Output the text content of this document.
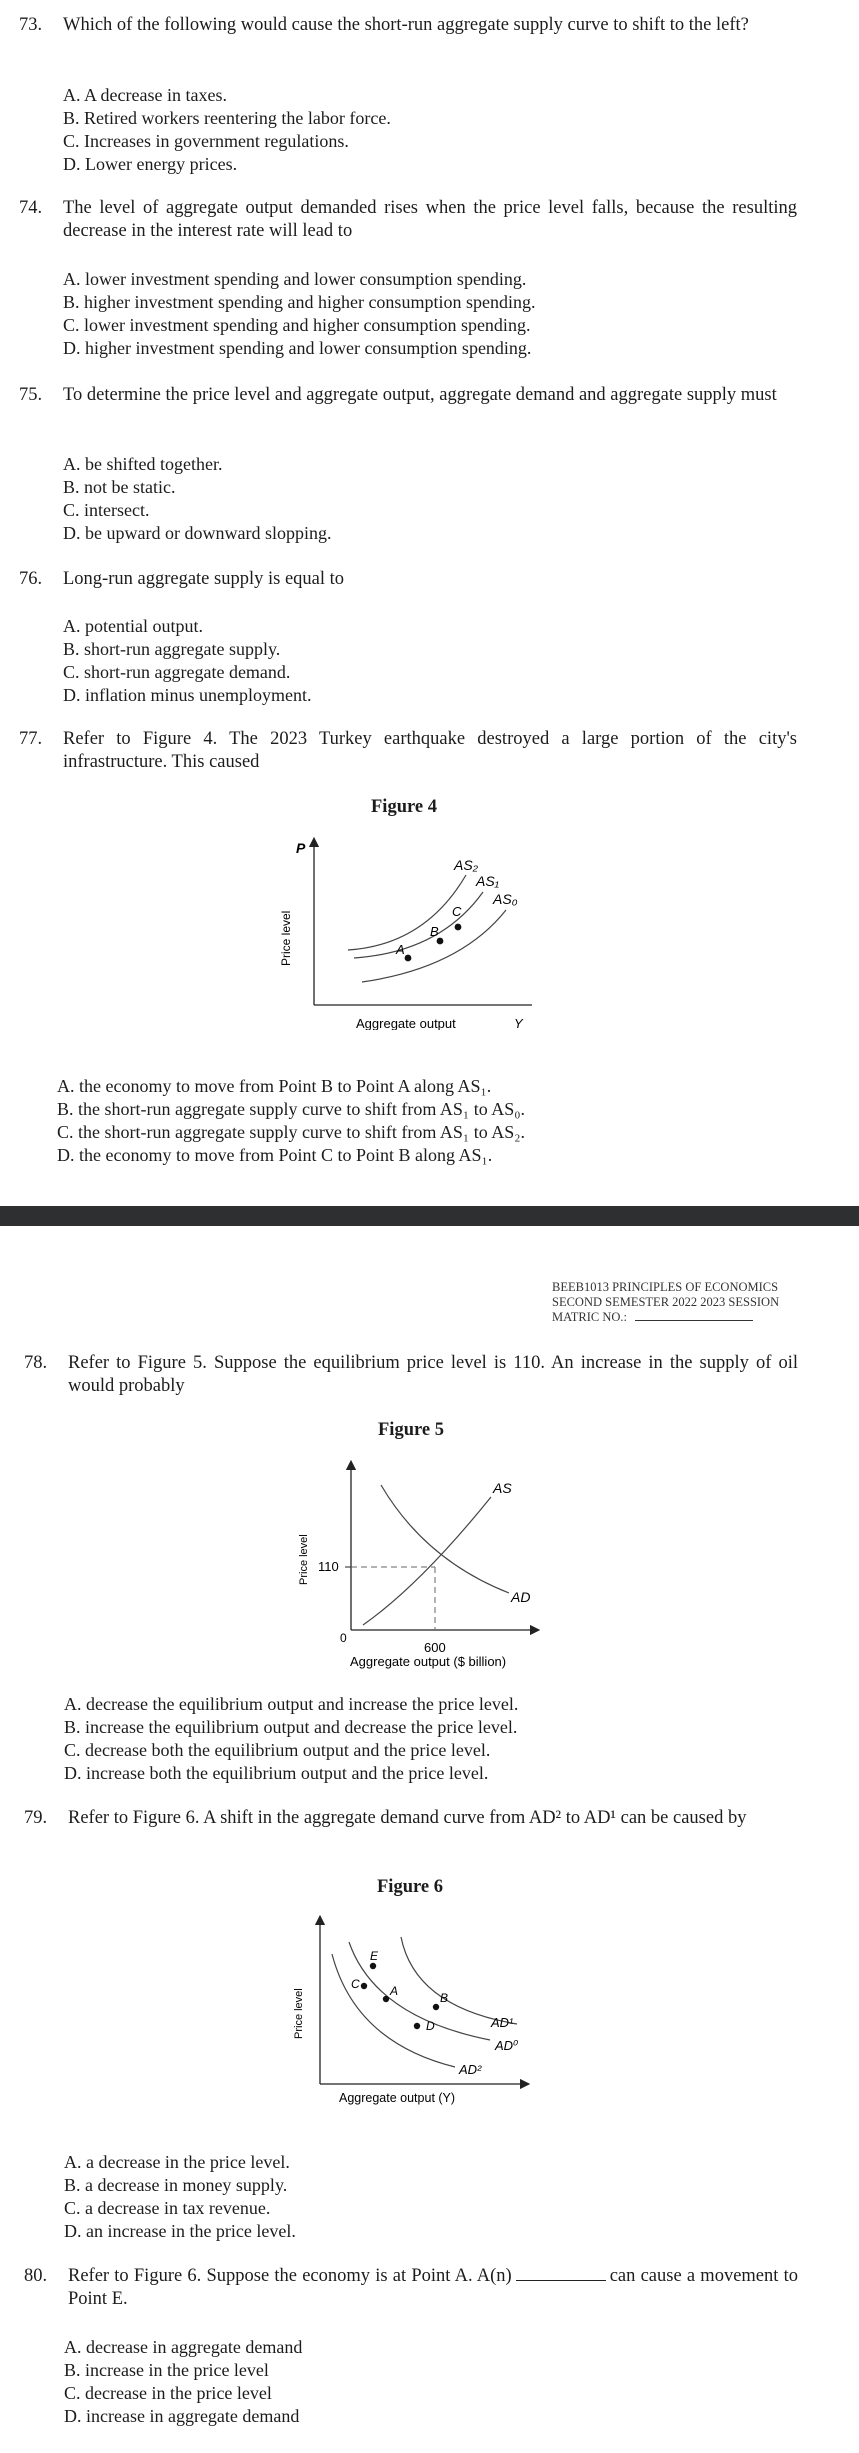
73. Which of the following would cause the short-run aggregate supply curve to shift to the left?
A. A decrease in taxes.
B. Retired workers reentering the labor force.
C. Increases in government regulations.
D. Lower energy prices.
74. The level of aggregate output demanded rises when the price level falls, because the resulting decrease in the interest rate will lead to
A. lower investment spending and lower consumption spending.
B. higher investment spending and higher consumption spending.
C. lower investment spending and higher consumption spending.
D. higher investment spending and lower consumption spending.
75. To determine the price level and aggregate output, aggregate demand and aggregate supply must
A. be shifted together.
B. not be static.
C. intersect.
D. be upward or downward slopping.
76. Long-run aggregate supply is equal to
A. potential output.
B. short-run aggregate supply.
C. short-run aggregate demand.
D. inflation minus unemployment.
77. Refer to Figure 4. The 2023 Turkey earthquake destroyed a large portion of the city's infrastructure. This caused
Figure 4
P
Price level
Aggregate output	Y
AS₂
AS₁
AS₀
A
B
C
A. the economy to move from Point B to Point A along AS₁.
B. the short-run aggregate supply curve to shift from AS₁ to AS₀.
C. the short-run aggregate supply curve to shift from AS₁ to AS₂.
D. the economy to move from Point C to Point B along AS₁.
BEEB1013 PRINCIPLES OF ECONOMICS
SECOND SEMESTER 2022 2023 SESSION
MATRIC NO.:
78. Refer to Figure 5. Suppose the equilibrium price level is 110. An increase in the supply of oil would probably
Figure 5
Price level
0
110
600
Aggregate output ($ billion)
AS
AD
A. decrease the equilibrium output and increase the price level.
B. increase the equilibrium output and decrease the price level.
C. decrease both the equilibrium output and the price level.
D. increase both the equilibrium output and the price level.
79. Refer to Figure 6. A shift in the aggregate demand curve from AD² to AD¹ can be caused by
Figure 6
Price level
Aggregate output (Y)
AD¹
AD⁰
AD²
E
C	A	B
D
A. a decrease in the price level.
B. a decrease in money supply.
C. a decrease in tax revenue.
D. an increase in the price level.
80. Refer to Figure 6. Suppose the economy is at Point A. A(n)	can cause a movement to Point E.
A. decrease in aggregate demand
B. increase in the price level
C. decrease in the price level
D. increase in aggregate demand
